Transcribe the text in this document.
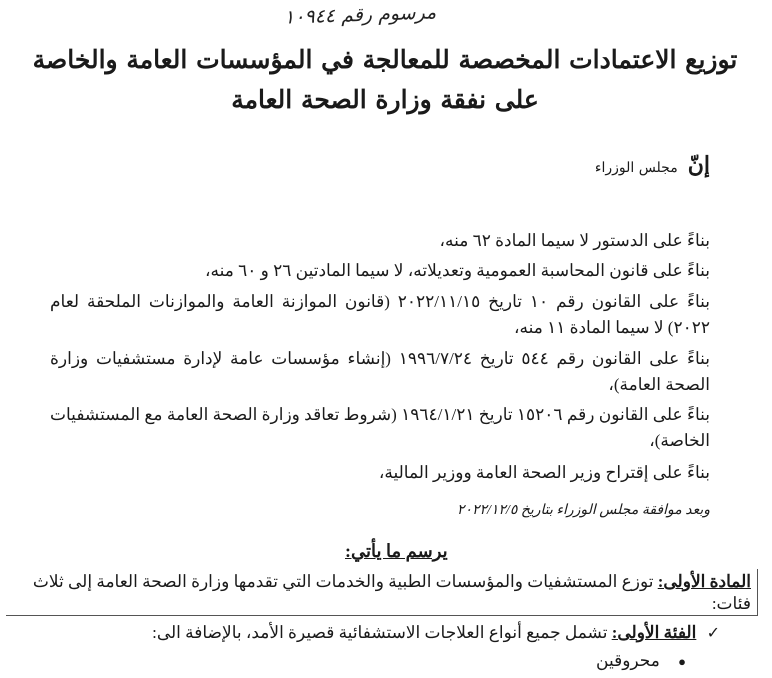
مرسوم رقم ١٠٩٤٤
توزيع الاعتمادات المخصصة للمعالجة في المؤسسات العامة والخاصة على نفقة وزارة الصحة العامة
إنّ
مجلس الوزراء
بناءً على الدستور لا سيما المادة ٦٢ منه،
بناءً على قانون المحاسبة العمومية وتعديلاته، لا سيما المادتين ٢٦ و ٦٠ منه،
بناءً على القانون رقم ١٠ تاريخ ٢٠٢٢/١١/١٥ (قانون الموازنة العامة والموازنات الملحقة لعام ٢٠٢٢) لا سيما المادة ١١ منه،
بناءً على القانون رقم ٥٤٤ تاريخ ١٩٩٦/٧/٢٤ (إنشاء مؤسسات عامة لإدارة مستشفيات وزارة الصحة العامة)،
بناءً على القانون رقم ١٥٢٠٦ تاريخ ١٩٦٤/١/٢١ (شروط تعاقد وزارة الصحة العامة مع المستشفيات الخاصة)،
بناءً على إقتراح وزير الصحة العامة ووزير المالية،
وبعد موافقة مجلس الوزراء بتاريخ ٢٠٢٢/١٢/٥
يرسم ما يأتي:
المادة الأولى: توزع المستشفيات والمؤسسات الطبية والخدمات التي تقدمها وزارة الصحة العامة إلى ثلاث فئات:
✓ الفئة الأولى: تشمل جميع أنواع العلاجات الاستشفائية قصيرة الأمد، بالإضافة الى:
● محروقين
